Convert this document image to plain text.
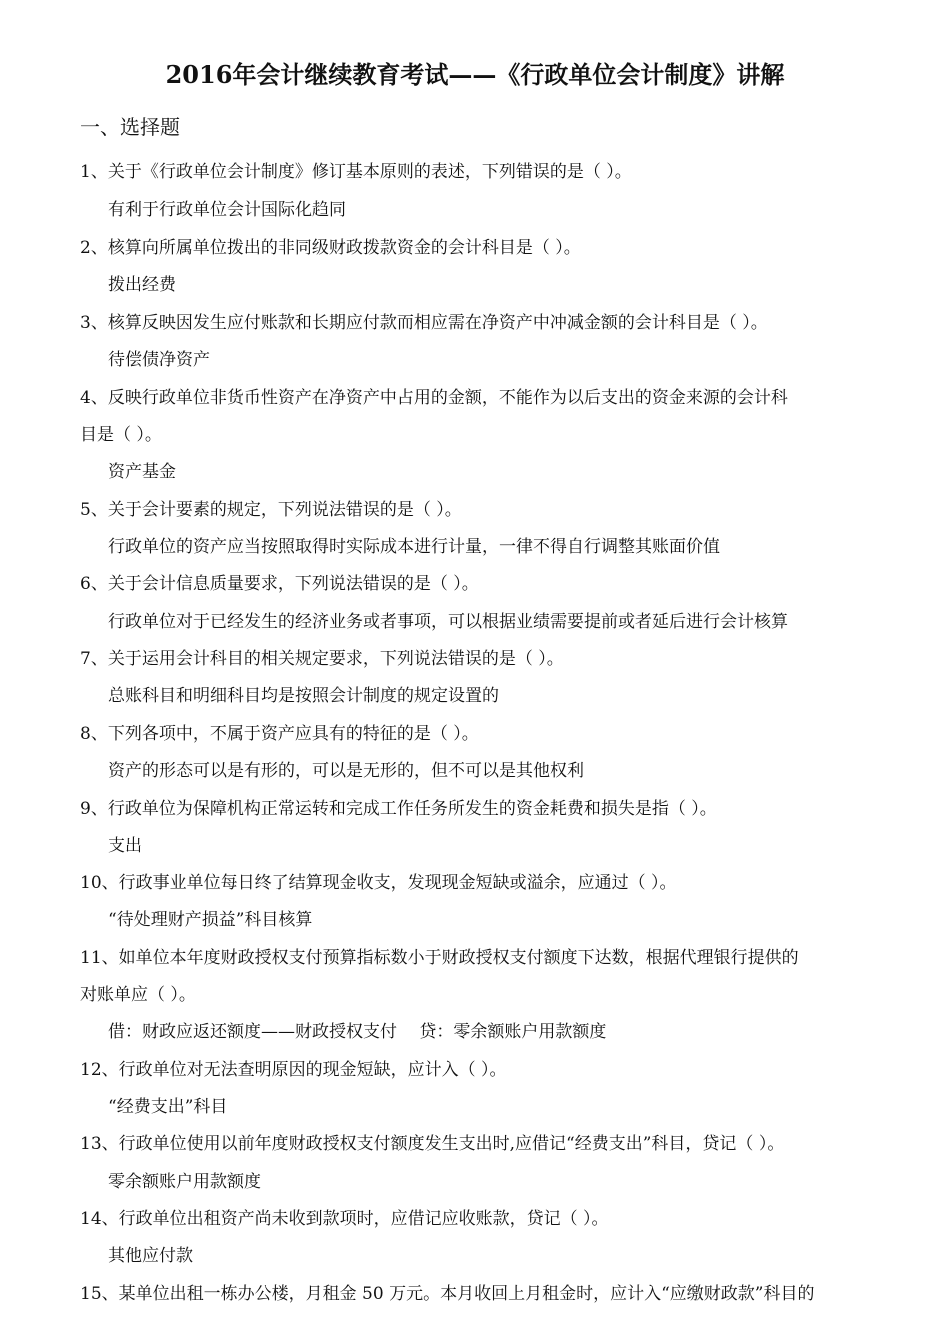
2016年会计继续教育考试——《行政单位会计制度》讲解
一、选择题
1、关于《行政单位会计制度》修订基本原则的表述，下列错误的是（ ）。
有利于行政单位会计国际化趋同
2、核算向所属单位拨出的非同级财政拨款资金的会计科目是（ ）。
拨出经费
3、核算反映因发生应付账款和长期应付款而相应需在净资产中冲减金额的会计科目是（ ）。
待偿债净资产
4、反映行政单位非货币性资产在净资产中占用的金额，不能作为以后支出的资金来源的会计科
目是（ ）。
资产基金
5、关于会计要素的规定，下列说法错误的是（ ）。
行政单位的资产应当按照取得时实际成本进行计量，一律不得自行调整其账面价值
6、关于会计信息质量要求，下列说法错误的是（ ）。
行政单位对于已经发生的经济业务或者事项，可以根据业绩需要提前或者延后进行会计核算
7、关于运用会计科目的相关规定要求，下列说法错误的是（ ）。
总账科目和明细科目均是按照会计制度的规定设置的
8、下列各项中，不属于资产应具有的特征的是（ ）。
资产的形态可以是有形的，可以是无形的，但不可以是其他权利
9、行政单位为保障机构正常运转和完成工作任务所发生的资金耗费和损失是指（ ）。
支出
10、行政事业单位每日终了结算现金收支，发现现金短缺或溢余，应通过（ ）。
“待处理财产损益”科目核算
11、如单位本年度财政授权支付预算指标数小于财政授权支付额度下达数，根据代理银行提供的
对账单应（ ）。
借：财政应返还额度——财政授权支付　 贷：零余额账户用款额度
12、行政单位对无法查明原因的现金短缺，应计入（ ）。
“经费支出”科目
13、行政单位使用以前年度财政授权支付额度发生支出时,应借记“经费支出”科目，贷记（ ）。
零余额账户用款额度
14、行政单位出租资产尚未收到款项时，应借记应收账款，贷记（ ）。
其他应付款
15、某单位出租一栋办公楼，月租金 50 万元。本月收回上月租金时，应计入“应缴财政款”科目的
